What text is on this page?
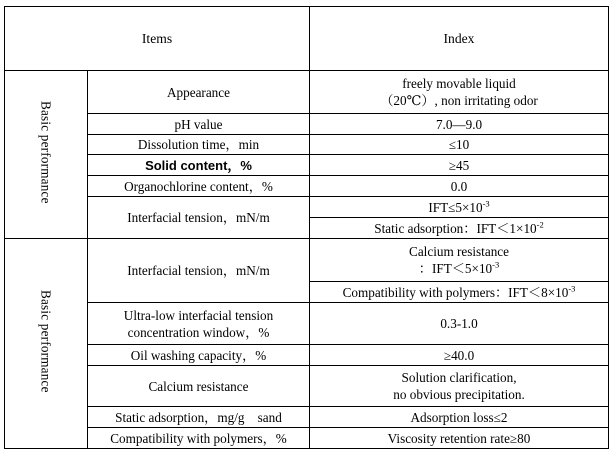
Items		Index
Basic performance	Appearance	freely movable liquid
（20℃）, non irritating odor

	pH value	7.0—9.0
	Dissolution time，min	≤10
	Solid content，%	≥45
	Organochlorine content，%	0.0
	Interfacial tension，mN/m	$IFT\le 5\times 10^{-3}$
		Static adsorption：$IFT<1\times 10^{-2}$
Basic performance	Interfacial tension，mN/m	Calcium resistance
：$IFT<5\times 10^{-3}$

		Compatibility with polymers：$IFT<8\times 10^{-3}$

	Ultra-low interfacial tension
concentration window，%	0.3-1.0
	Oil washing capacity，%	≥40.0
	Calcium resistance	Solution clarification,
no obvious precipitation.

	Static adsorption，mg/g　sand	Adsorption loss≤2
	Compatibility with polymers，%	Viscosity retention rate≥80
